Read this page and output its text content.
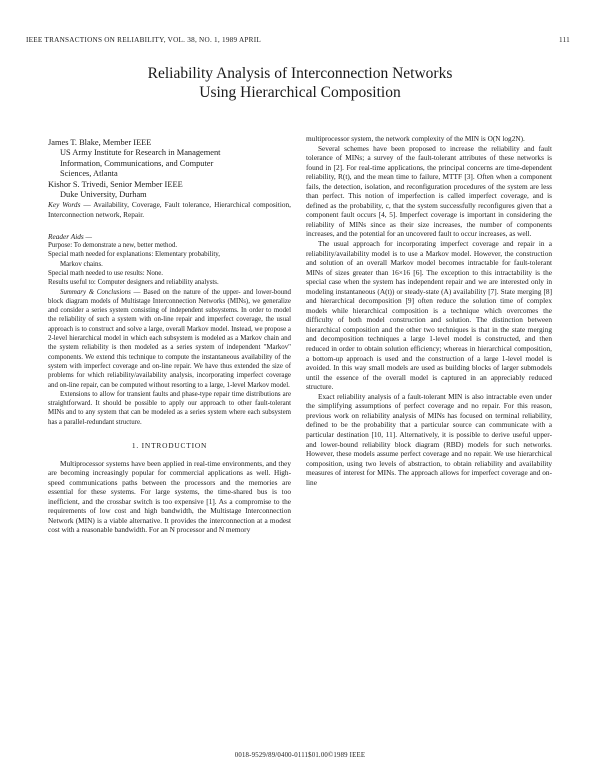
IEEE TRANSACTIONS ON RELIABILITY, VOL. 38, NO. 1, 1989 APRIL	111
Reliability Analysis of Interconnection Networks
Using Hierarchical Composition
James T. Blake, Member IEEE
US Army Institute for Research in Management
Information, Communications, and Computer
Sciences, Atlanta
Kishor S. Trivedi, Senior Member IEEE
Duke University, Durham

Key Words — Availability, Coverage, Fault tolerance, Hierarchical composition, Interconnection network, Repair.

Reader Aids —
Purpose: To demonstrate a new, better method.
Special math needed for explanations: Elementary probability,
Markov chains.
Special math needed to use results: None.
Results useful to: Computer designers and reliability analysts.

Summary & Conclusions — Based on the nature of the upper- and lower-bound block diagram models of Multistage Interconnection Networks (MINs), we generalize and consider a series system consisting of independent subsystems. In order to model the reliability of such a system with on-line repair and imperfect coverage, the usual approach is to construct and solve a large, overall Markov model. Instead, we propose a 2-level hierarchical model in which each subsystem is modeled as a Markov chain and the system reliability is then modeled as a series system of independent "Markov" components. We extend this technique to compute the instantaneous availability of the system with imperfect coverage and on-line repair. We have thus extended the size of problems for which reliability/availability analysis, incorporating imperfect coverage and on-line repair, can be computed without resorting to a large, 1-level Markov model.

Extensions to allow for transient faults and phase-type repair time distributions are straightforward. It should be possible to apply our approach to other fault-tolerant MINs and to any system that can be modeled as a series system where each subsystem has a parallel-redundant structure.

1. INTRODUCTION

Multiprocessor systems have been applied in real-time environments, and they are becoming increasingly popular for commercial applications as well. High-speed communications paths between the processors and the memories are essential for these systems. For large systems, the time-shared bus is too inefficient, and the crossbar switch is too expensive [1]. As a compromise to the requirements of low cost and high bandwidth, the Multistage Interconnection Network (MIN) is a viable alternative. It provides the interconnection at a modest cost with a reasonable bandwidth. For an N processor and N memory

multiprocessor system, the network complexity of the MIN is O(N log2N).

Several schemes have been proposed to increase the reliability and fault tolerance of MINs; a survey of the fault-tolerant attributes of these networks is found in [2]. For real-time applications, the principal concerns are time-dependent reliability, R(t), and the mean time to failure, MTTF [3]. Often when a component fails, the detection, isolation, and reconfiguration procedures of the system are less than perfect. This notion of imperfection is called imperfect coverage, and is defined as the probability, c, that the system successfully reconfigures given that a component fault occurs [4, 5]. Imperfect coverage is important in considering the reliability of MINs since as their size increases, the number of components increases, and the potential for an uncovered fault to occur increases, as well.

The usual approach for incorporating imperfect coverage and repair in a reliability/availability model is to use a Markov model. However, the construction and solution of an overall Markov model becomes intractable for fault-tolerant MINs of sizes greater than 16×16 [6]. The exception to this intractability is the special case when the system has independent repair and we are interested only in modeling instantaneous (A(t)) or steady-state (A) availability [7]. State merging [8] and hierarchical decomposition [9] often reduce the solution time of complex models while hierarchical composition is a technique which overcomes the difficulty of both model construction and solution. The distinction between hierarchical composition and the other two techniques is that in the state merging and decomposition techniques a large 1-level model is constructed, and then reduced in order to obtain solution efficiency; whereas in hierarchical composition, a bottom-up approach is used and the construction of a large 1-level model is avoided. In this way small models are used as building blocks of larger submodels until the essence of the overall model is captured in an appreciably reduced structure.

Exact reliability analysis of a fault-tolerant MIN is also intractable even under the simplifying assumptions of perfect coverage and no repair. For this reason, previous work on reliability analysis of MINs has focused on terminal reliability, defined to be the probability that a particular source can communicate with a particular destination [10, 11]. Alternatively, it is possible to derive useful upper- and lower-bound reliability block diagram (RBD) models for such networks. However, these models assume perfect coverage and no repair. We use hierarchical composition, using two levels of abstraction, to obtain reliability and availability measures of interest for MINs. The approach allows for imperfect coverage and on-line

0018-9529/89/0400-0111$01.00©1989 IEEE
